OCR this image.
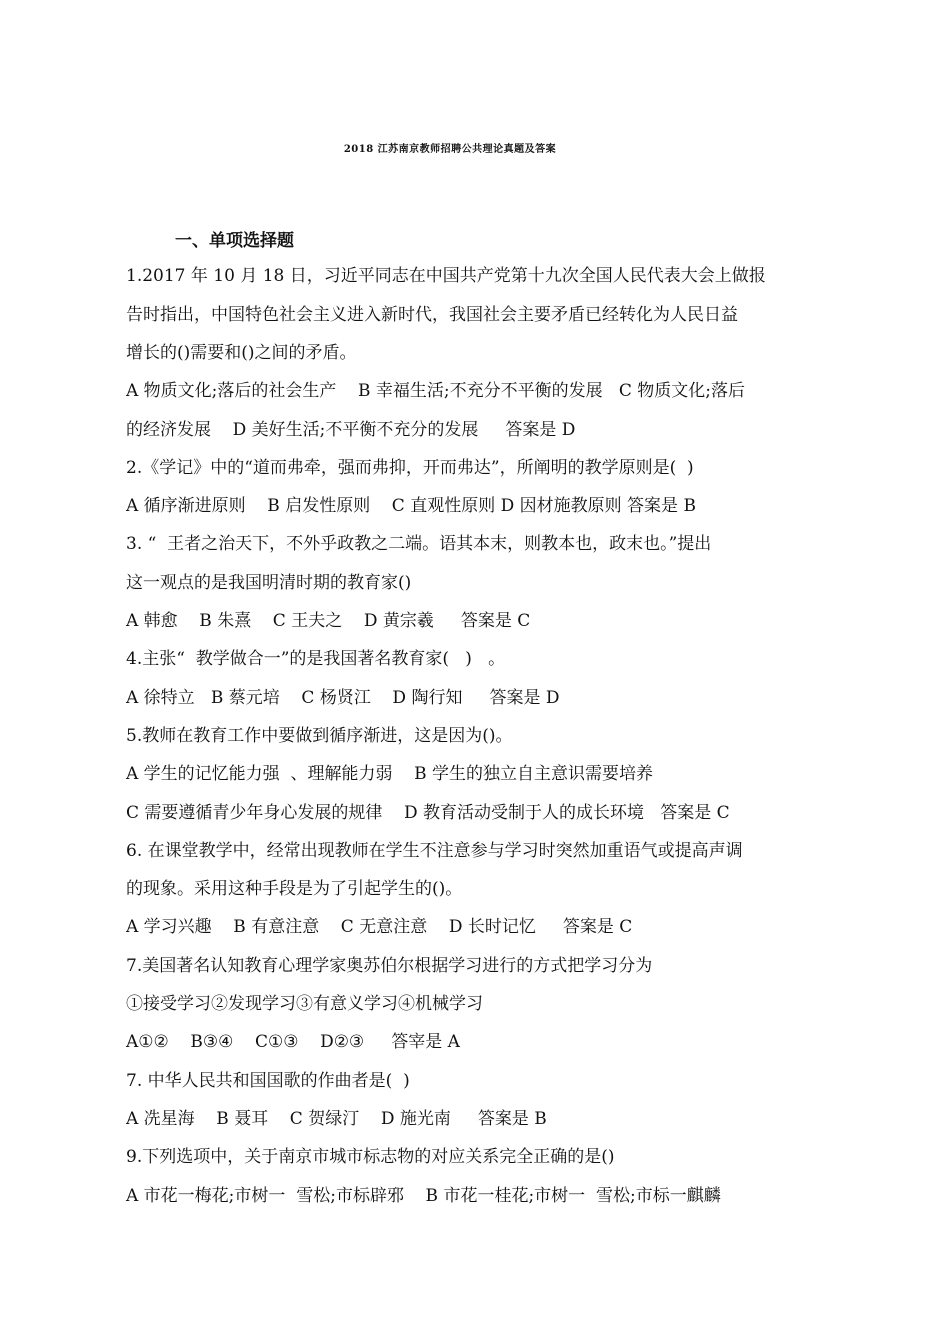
2018 江苏南京教师招聘公共理论真题及答案
一、单项选择题
1.2017 年 10 月 18 日，习近平同志在中国共产党第十九次全国人民代表大会上做报
告时指出，中国特色社会主义进入新时代，我国社会主要矛盾已经转化为人民日益
增长的()需要和()之间的矛盾。
A 物质文化;落后的社会生产    B 幸福生活;不充分不平衡的发展   C 物质文化;落后
的经济发展    D 美好生活;不平衡不充分的发展     答案是 D
2.《学记》中的“道而弗牵，强而弗抑，开而弗达”，所阐明的教学原则是(  )
A 循序渐进原则    B 启发性原则    C 直观性原则 D 因材施教原则 答案是 B
3. “  王者之治天下，不外乎政教之二端。语其本末，则教本也，政末也。”提出
这一观点的是我国明清时期的教育家()
A 韩愈    B 朱熹    C 王夫之    D 黄宗羲     答案是 C
4.主张“  教学做合一”的是我国著名教育家(   )   。
A 徐特立   B 蔡元培    C 杨贤江    D 陶行知     答案是 D
5.教师在教育工作中要做到循序渐进，这是因为()。
A 学生的记忆能力强  、理解能力弱    B 学生的独立自主意识需要培养
C 需要遵循青少年身心发展的规律    D 教育活动受制于人的成长环境   答案是 C
6. 在课堂教学中，经常出现教师在学生不注意参与学习时突然加重语气或提高声调
的现象。采用这种手段是为了引起学生的()。
A 学习兴趣    B 有意注意    C 无意注意    D 长时记忆     答案是 C
7.美国著名认知教育心理学家奥苏伯尔根据学习进行的方式把学习分为
①接受学习②发现学习③有意义学习④机械学习
A①②    B③④    C①③    D②③     答宰是 A
7. 中华人民共和国国歌的作曲者是(  )
A 冼星海    B 聂耳    C 贺绿汀    D 施光南     答案是 B
9.下列选项中，关于南京市城市标志物的对应关系完全正确的是()
A 市花一梅花;市树一  雪松;市标辟邪    B 市花一桂花;市树一  雪松;市标一麒麟
